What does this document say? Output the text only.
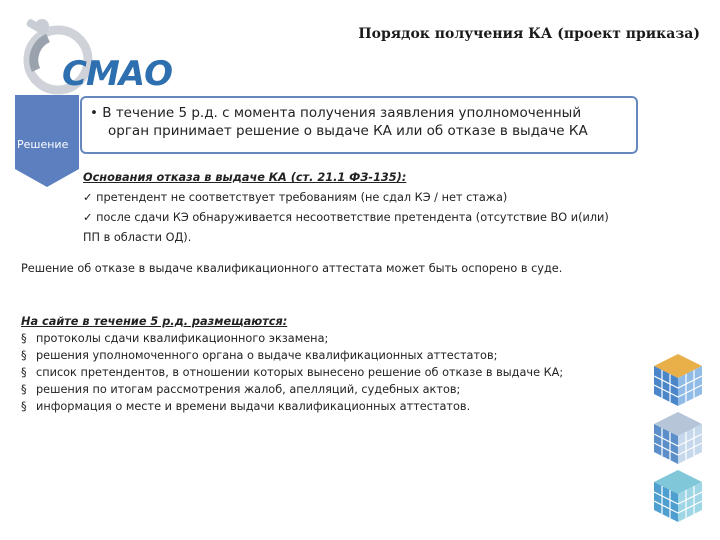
СМАО
Порядок получения КА (проект приказа)
Решение
• В течение 5 р.д. с момента получения заявления уполномоченный
орган принимает решение о выдаче КА или об отказе в выдаче КА
Основания отказа в выдаче КА (ст. 21.1 ФЗ-135):
✓ претендент не соответствует требованиям (не сдал КЭ / нет стажа)
✓ после сдачи КЭ обнаруживается несоответствие претендента (отсутствие ВО и(или)
ПП в области ОД).
Решение об отказе в выдаче квалификационного аттестата может быть оспорено в суде.
На сайте в течение 5 р.д. размещаются:
§ протоколы сдачи квалификационного экзамена;
§ решения уполномоченного органа о выдаче квалификационных аттестатов;
§ список претендентов, в отношении которых вынесено решение об отказе в выдаче КА;
§ решения по итогам рассмотрения жалоб, апелляций, судебных актов;
§ информация о месте и времени выдачи квалификационных аттестатов.
